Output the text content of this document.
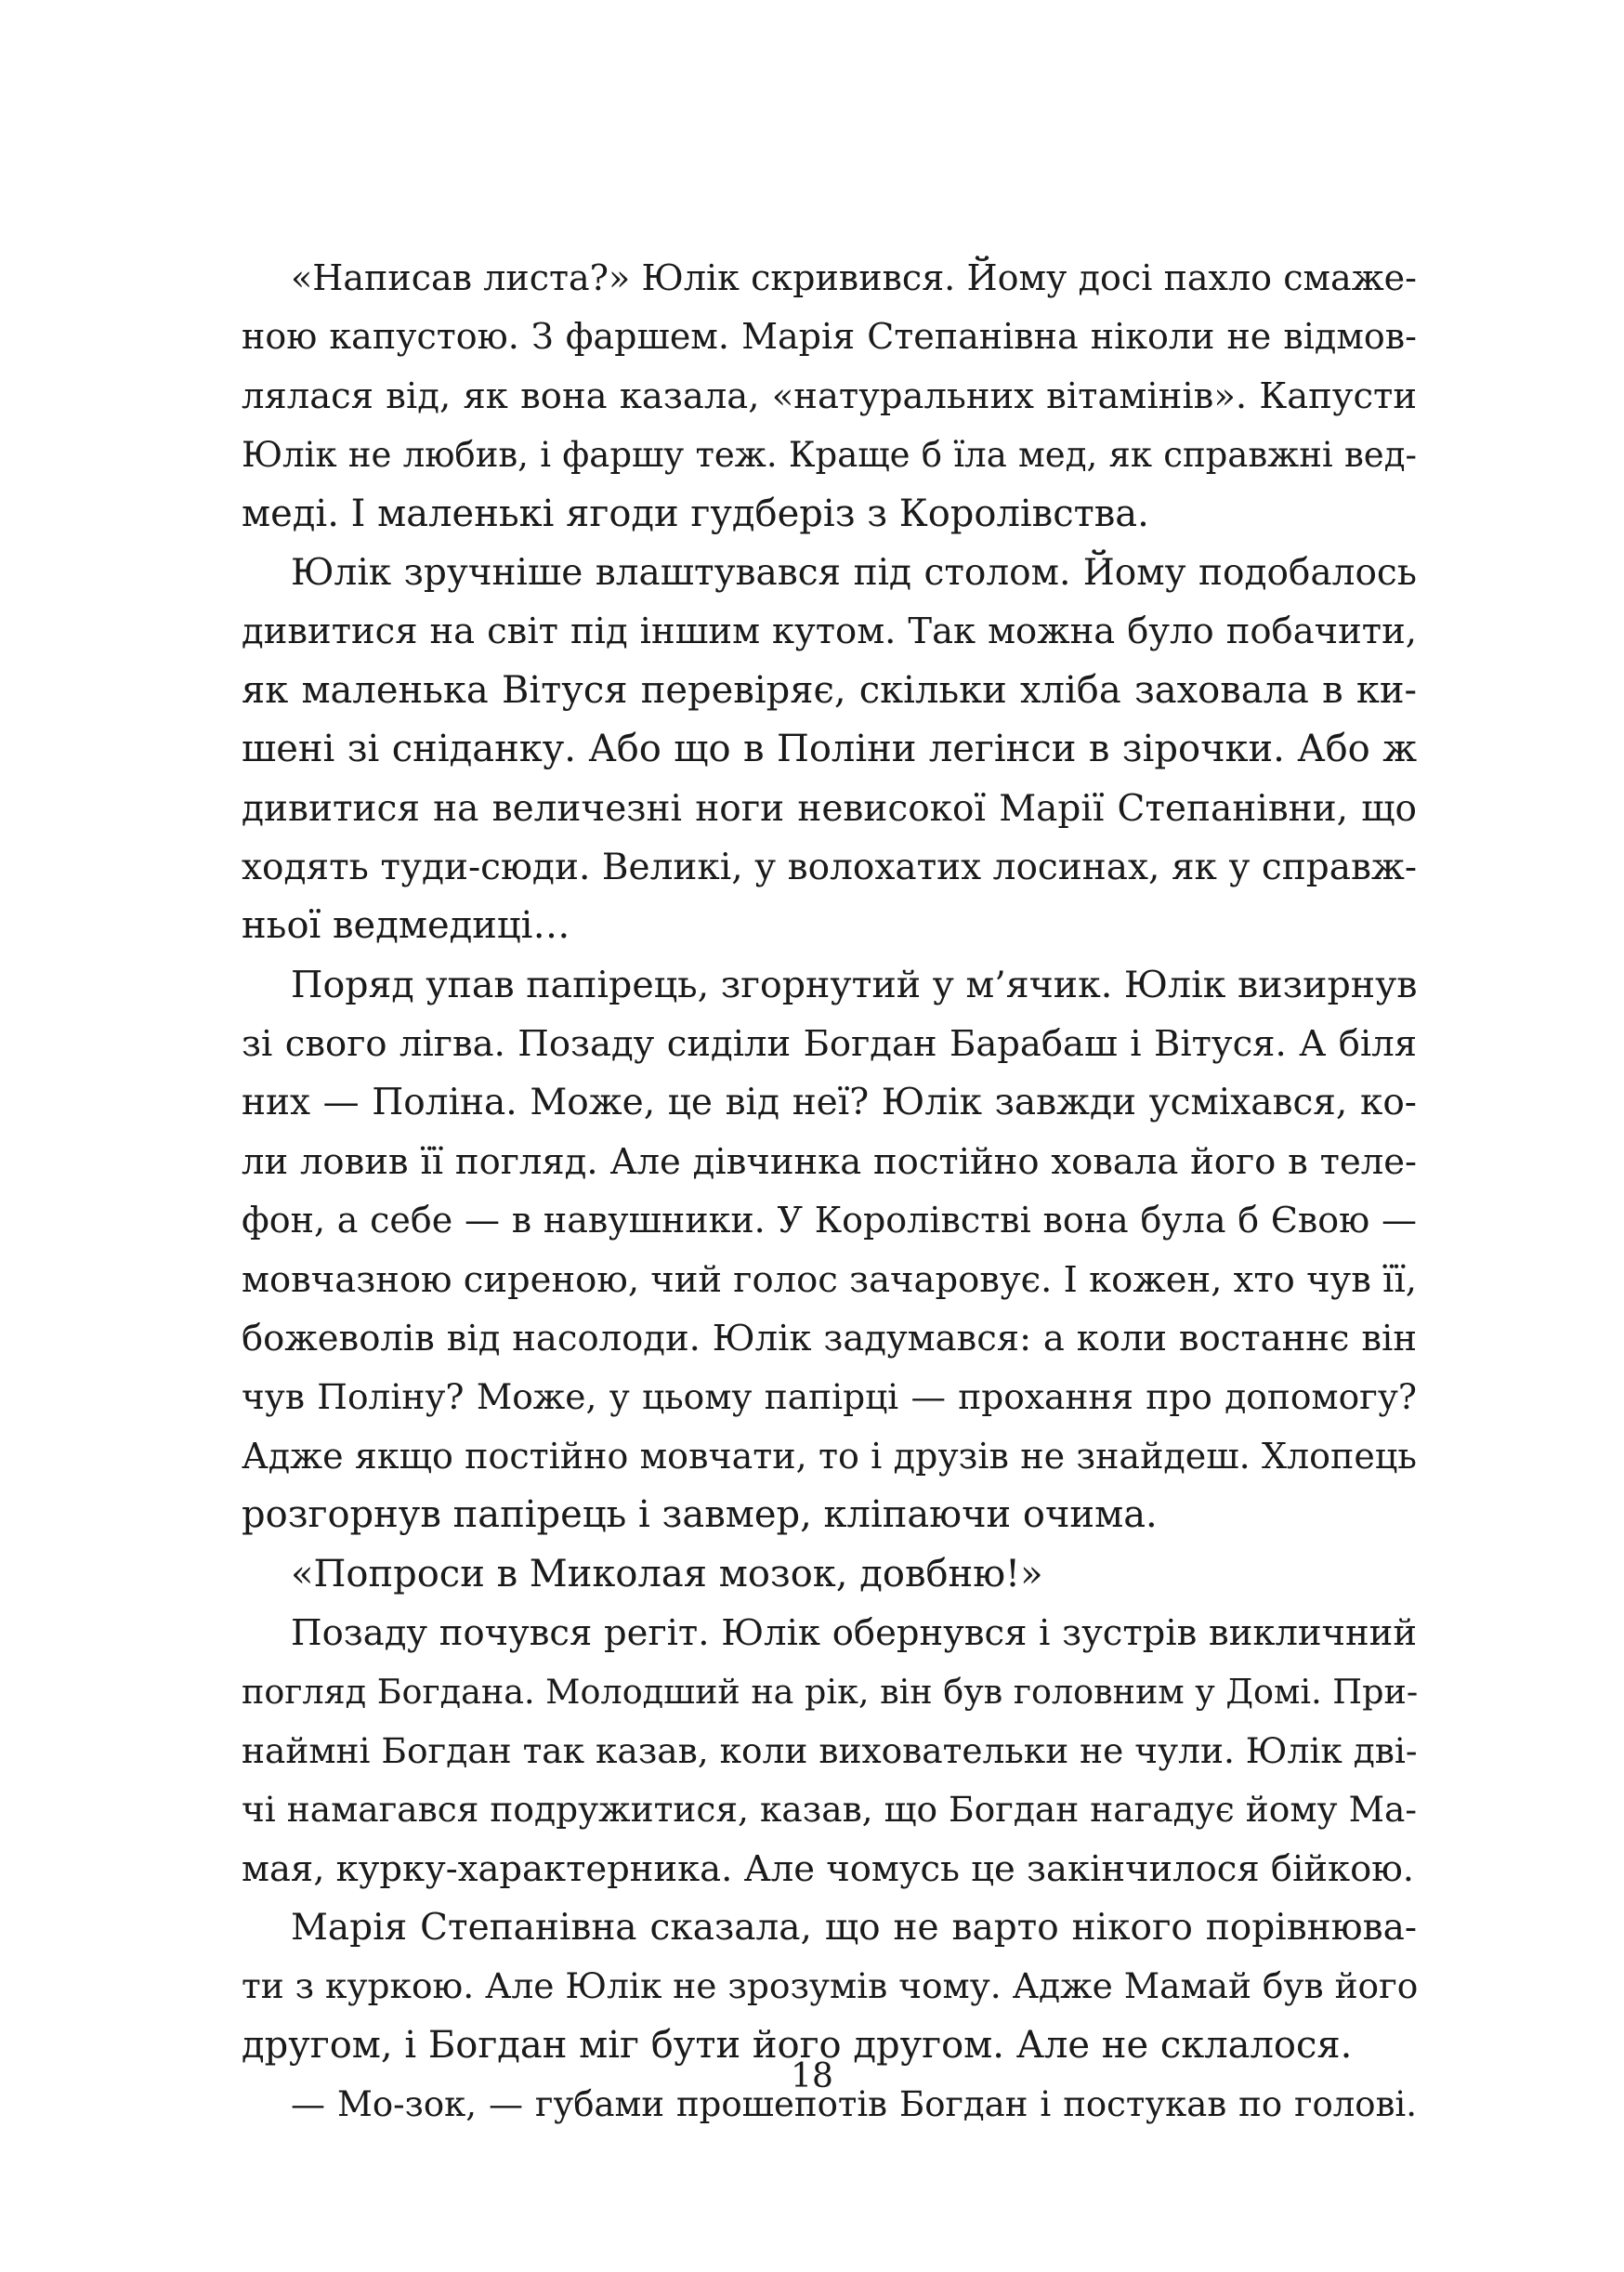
«Написав листа?» Юлік скривився. Йому досі пахло смаже-
ною капустою. З фаршем. Марія Степанівна ніколи не відмов-
лялася від, як вона казала, «натуральних вітамінів». Капусти
Юлік не любив, і фаршу теж. Краще б їла мед, як справжні вед-
меді. І маленькі ягоди гудберіз з Королівства.
Юлік зручніше влаштувався під столом. Йому подобалось
дивитися на світ під іншим кутом. Так можна було побачити,
як маленька Вітуся перевіряє, скільки хліба заховала в ки-
шені зі сніданку. Або що в Поліни легінси в зірочки. Або ж
дивитися на величезні ноги невисокої Марії Степанівни, що
ходять туди-сюди. Великі, у волохатих лосинах, як у справж-
ньої ведмедиці…
Поряд упав папірець, згорнутий у м’ячик. Юлік визирнув
зі свого лігва. Позаду сиділи Богдан Барабаш і Вітуся. А біля
них — Поліна. Може, це від неї? Юлік завжди усміхався, ко-
ли ловив її погляд. Але дівчинка постійно ховала його в теле-
фон, а себе — в навушники. У Королівстві вона була б Євою —
мовчазною сиреною, чий голос зачаровує. І кожен, хто чув її,
божеволів від насолоди. Юлік задумався: а коли востаннє він
чув Поліну? Може, у цьому папірці — прохання про допомогу?
Адже якщо постійно мовчати, то і друзів не знайдеш. Хлопець
розгорнув папірець і завмер, кліпаючи очима.
«Попроси в Миколая мозок, довбню!»
Позаду почувся регіт. Юлік обернувся і зустрів викличний
погляд Богдана. Молодший на рік, він був головним у Домі. При-
наймні Богдан так казав, коли виховательки не чули. Юлік дві-
чі намагався подружитися, казав, що Богдан нагадує йому Ма-
мая, курку-характерника. Але чомусь це закінчилося бійкою.
Марія Степанівна сказала, що не варто нікого порівнюва-
ти з куркою. Але Юлік не зрозумів чому. Адже Мамай був його
другом, і Богдан міг бути його другом. Але не склалося.
— Мо-зок, — губами прошепотів Богдан і постукав по голові.
18
